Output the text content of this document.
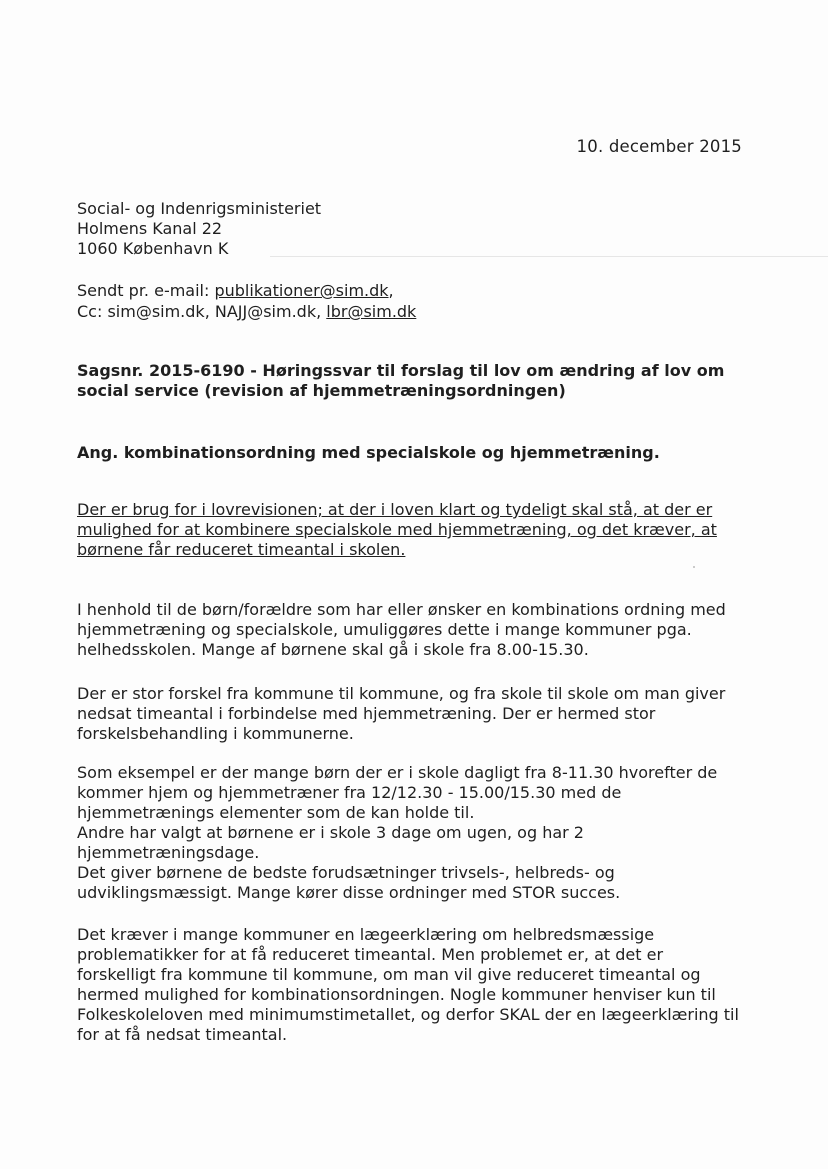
10. december 2015
Social- og Indenrigsministeriet
Holmens Kanal 22
1060 København K
Sendt pr. e-mail: publikationer@sim.dk,
Cc: sim@sim.dk, NAJJ@sim.dk, lbr@sim.dk
Sagsnr. 2015-6190 - Høringssvar til forslag til lov om ændring af lov om social service (revision af hjemmetræningsordningen)
Ang. kombinationsordning med specialskole og hjemmetræning.
Der er brug for i lovrevisionen; at der i loven klart og tydeligt skal stå, at der er mulighed for at kombinere specialskole med hjemmetræning, og det kræver, at børnene får reduceret timeantal i skolen.
I henhold til de børn/forældre som har eller ønsker en kombinations ordning med hjemmetræning og specialskole, umuliggøres dette i mange kommuner pga. helhedsskolen. Mange af børnene skal gå i skole fra 8.00-15.30.
Der er stor forskel fra kommune til kommune, og fra skole til skole om man giver nedsat timeantal i forbindelse med hjemmetræning. Der er hermed stor forskelsbehandling i kommunerne.
Som eksempel er der mange børn der er i skole dagligt fra 8-11.30 hvorefter de kommer hjem og hjemmetræner fra 12/12.30 - 15.00/15.30 med de hjemmetrænings elementer som de kan holde til.
Andre har valgt at børnene er i skole 3 dage om ugen, og har 2 hjemmetræningsdage.
Det giver børnene de bedste forudsætninger trivsels-, helbreds- og udviklingsmæssigt. Mange kører disse ordninger med STOR succes.
Det kræver i mange kommuner en lægeerklæring om helbredsmæssige problematikker for at få reduceret timeantal. Men problemet er, at det er forskelligt fra kommune til kommune, om man vil give reduceret timeantal og hermed mulighed for kombinationsordningen. Nogle kommuner henviser kun til Folkeskoleloven med minimumstimetallet, og derfor SKAL der en lægeerklæring til for at få nedsat timeantal.
